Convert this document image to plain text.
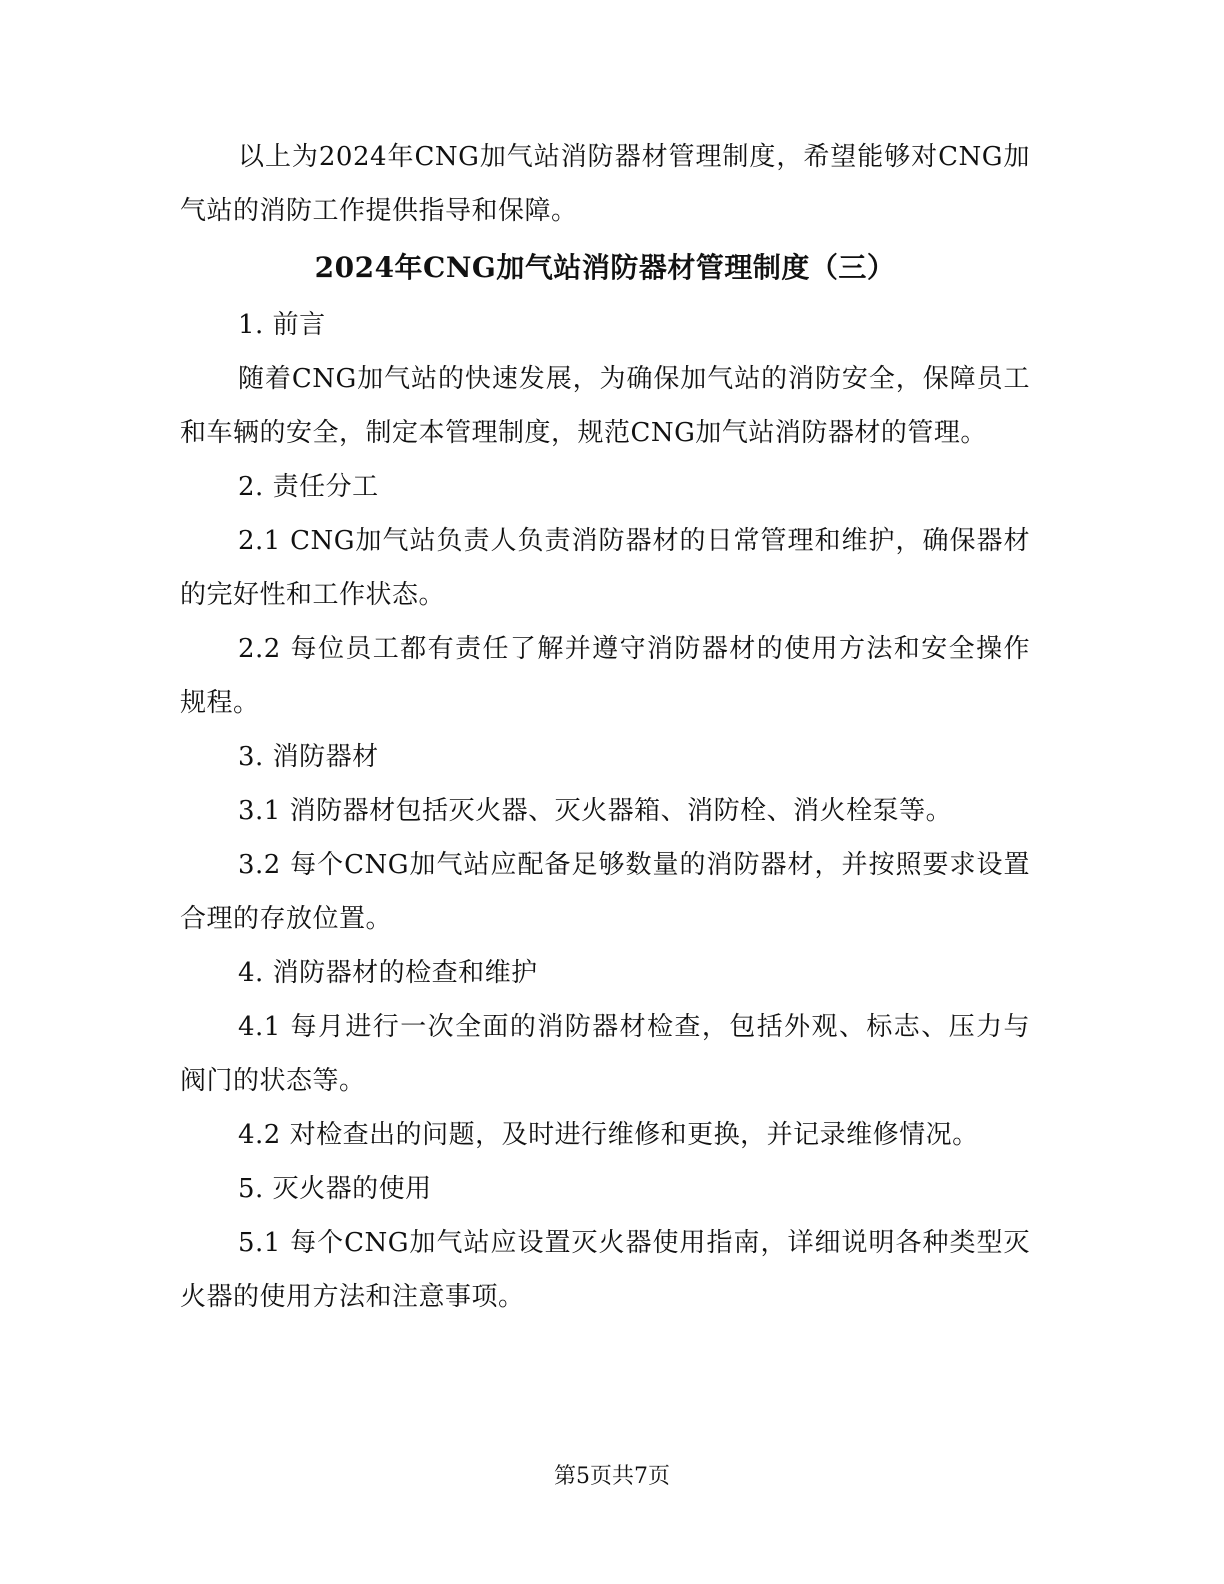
以上为2024年CNG加气站消防器材管理制度，希望能够对CNG加气站的消防工作提供指导和保障。

2024年CNG加气站消防器材管理制度（三）

1. 前言

随着CNG加气站的快速发展，为确保加气站的消防安全，保障员工和车辆的安全，制定本管理制度，规范CNG加气站消防器材的管理。

2. 责任分工

2.1 CNG加气站负责人负责消防器材的日常管理和维护，确保器材的完好性和工作状态。

2.2 每位员工都有责任了解并遵守消防器材的使用方法和安全操作规程。

3. 消防器材

3.1 消防器材包括灭火器、灭火器箱、消防栓、消火栓泵等。

3.2 每个CNG加气站应配备足够数量的消防器材，并按照要求设置合理的存放位置。

4. 消防器材的检查和维护

4.1 每月进行一次全面的消防器材检查，包括外观、标志、压力与阀门的状态等。

4.2 对检查出的问题，及时进行维修和更换，并记录维修情况。

5. 灭火器的使用

5.1 每个CNG加气站应设置灭火器使用指南，详细说明各种类型灭火器的使用方法和注意事项。

第5页共7页
